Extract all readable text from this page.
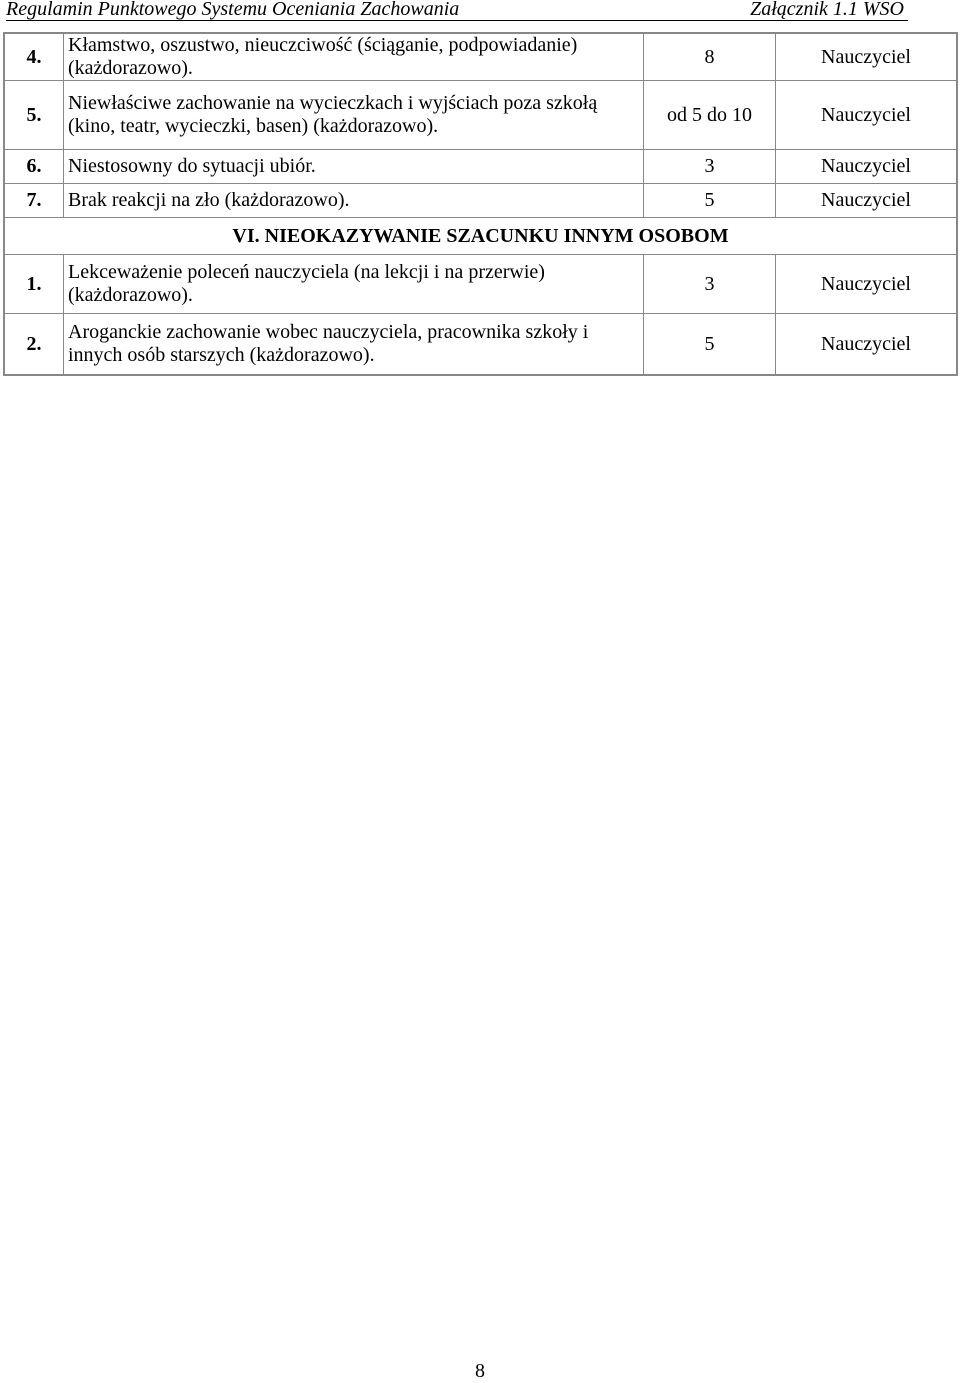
Regulamin Punktowego Systemu Oceniania Zachowania	Załącznik 1.1 WSO
4.	Kłamstwo, oszustwo, nieuczciwość (ściąganie, podpowiadanie) (każdorazowo).	8	Nauczyciel
5.	Niewłaściwe zachowanie na wycieczkach i wyjściach poza szkołą (kino, teatr, wycieczki, basen) (każdorazowo).	od 5 do 10	Nauczyciel
6.	Niestosowny do sytuacji ubiór.	3	Nauczyciel
7.	Brak reakcji na zło (każdorazowo).	5	Nauczyciel
VI. NIEOKAZYWANIE SZACUNKU INNYM OSOBOM			
1.	Lekceważenie poleceń nauczyciela (na lekcji i na przerwie) (każdorazowo).	3	Nauczyciel
2.	Aroganckie zachowanie wobec nauczyciela, pracownika szkoły i innych osób starszych (każdorazowo).	5	Nauczyciel
8
